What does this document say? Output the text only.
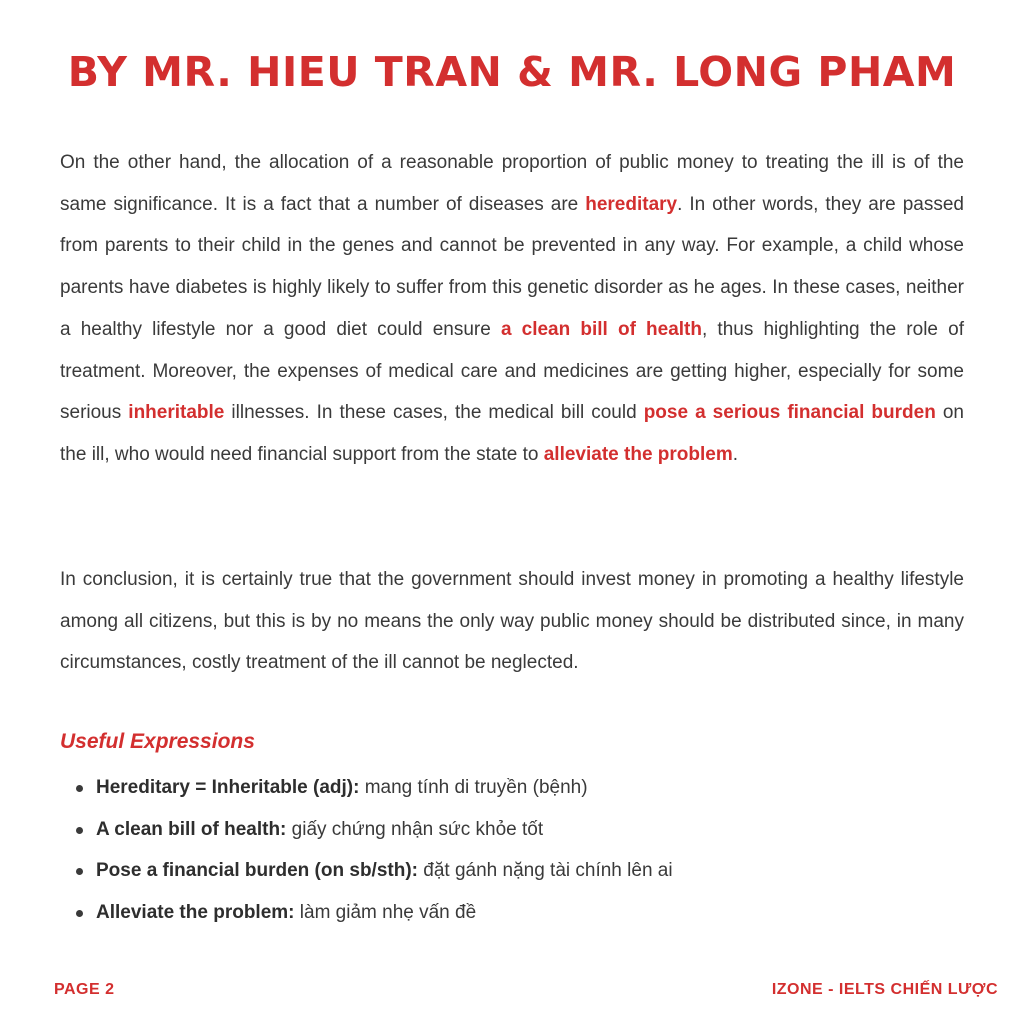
BY MR. HIEU TRAN & MR. LONG PHAM

On the other hand, the allocation of a reasonable proportion of public money to treating the ill is of the same significance. It is a fact that a number of diseases are hereditary. In other words, they are passed from parents to their child in the genes and cannot be prevented in any way. For example, a child whose parents have diabetes is highly likely to suffer from this genetic disorder as he ages. In these cases, neither a healthy lifestyle nor a good diet could ensure a clean bill of health, thus highlighting the role of treatment. Moreover, the expenses of medical care and medicines are getting higher, especially for some serious inheritable illnesses. In these cases, the medical bill could pose a serious financial burden on the ill, who would need financial support from the state to alleviate the problem.

In conclusion, it is certainly true that the government should invest money in promoting a healthy lifestyle among all citizens, but this is by no means the only way public money should be distributed since, in many circumstances, costly treatment of the ill cannot be neglected.

Useful Expressions
Hereditary = Inheritable (adj): mang tính di truyền (bệnh)
A clean bill of health: giấy chứng nhận sức khỏe tốt
Pose a financial burden (on sb/sth): đặt gánh nặng tài chính lên ai
Alleviate the problem: làm giảm nhẹ vấn đề

PAGE 2	IZONE - IELTS CHIẾN LƯỢC
